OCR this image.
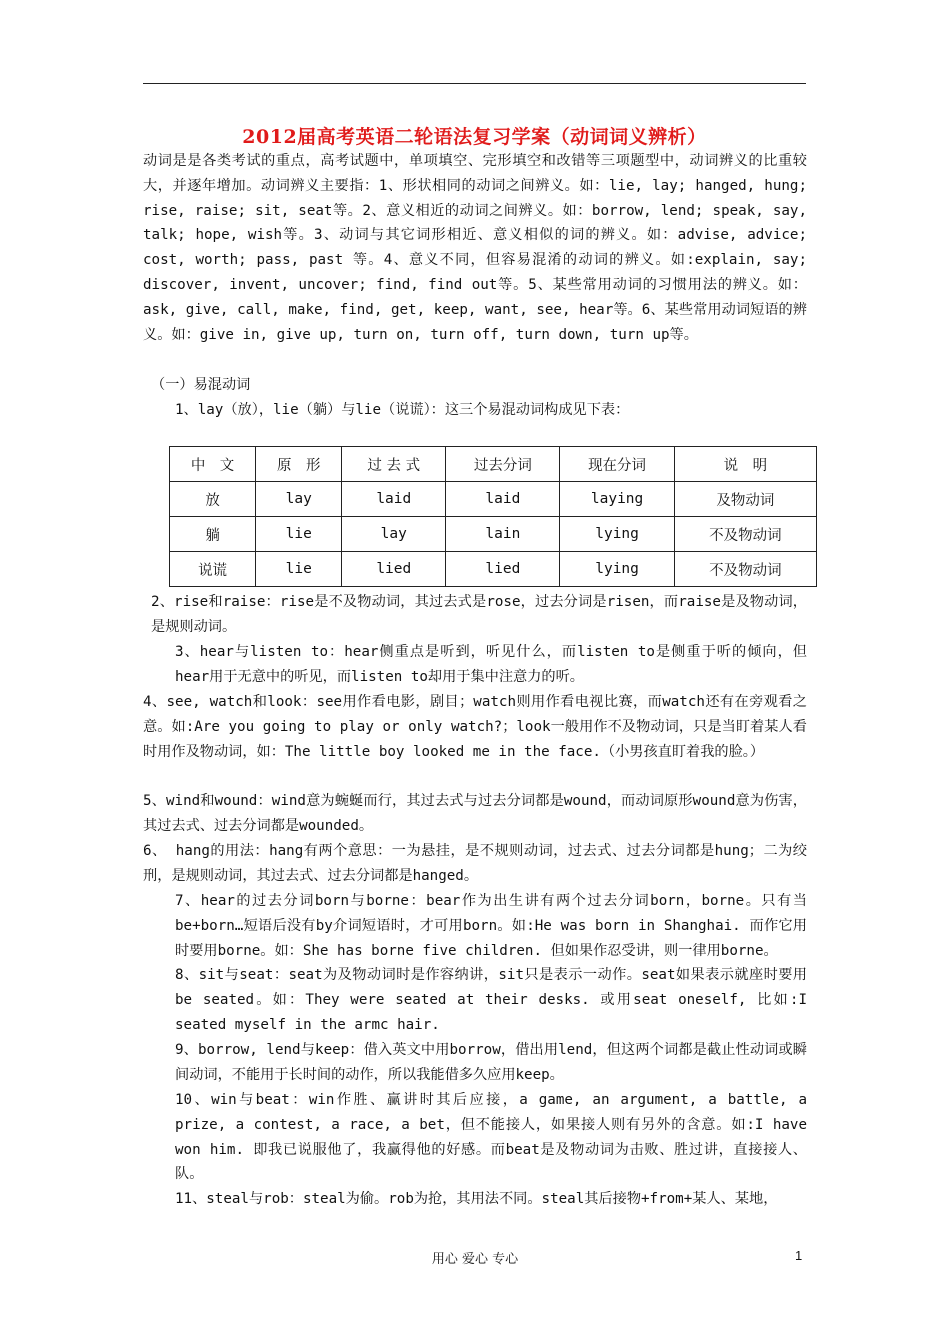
2012届高考英语二轮语法复习学案（动词词义辨析）
动词是是各类考试的重点，高考试题中，单项填空、完形填空和改错等三项题型中，动词辨义的比重较大，并逐年增加。动词辨义主要指：1、形状相同的动词之间辨义。如：lie, lay; hanged, hung; rise, raise; sit, seat等。2、意义相近的动词之间辨义。如：borrow, lend; speak, say, talk; hope, wish等。3、动词与其它词形相近、意义相似的词的辨义。如：advise, advice; cost, worth; pass, past 等。4、意义不同，但容易混淆的动词的辨义。如:explain, say; discover, invent, uncover; find, find out等。5、某些常用动词的习惯用法的辨义。如：ask, give, call, make, find, get, keep, want, see, hear等。6、某些常用动词短语的辨义。如：give in, give up, turn on, turn off, turn down, turn up等。
（一）易混动词
1、lay（放），lie（躺）与lie（说谎）：这三个易混动词构成见下表：
中　文	原　形	过 去 式	过去分词	现在分词	说　明
放	lay	laid	laid	laying	及物动词
躺	lie	lay	lain	lying	不及物动词
说谎	lie	lied	lied	lying	不及物动词
2、rise和raise：rise是不及物动词，其过去式是rose，过去分词是risen，而raise是及物动词，是规则动词。
3、hear与listen to：hear侧重点是听到，听见什么，而listen to是侧重于听的倾向，但hear用于无意中的听见，而listen to却用于集中注意力的听。
4、see, watch和look：see用作看电影，剧目；watch则用作看电视比赛，而watch还有在旁观看之意。如:Are you going to play or only watch?；look一般用作不及物动词，只是当盯着某人看时用作及物动词，如：The little boy looked me in the face.（小男孩直盯着我的脸。）
5、wind和wound：wind意为蜿蜒而行，其过去式与过去分词都是wound，而动词原形wound意为伤害，其过去式、过去分词都是wounded。
6、 hang的用法：hang有两个意思：一为悬挂，是不规则动词，过去式、过去分词都是hung；二为绞刑，是规则动词，其过去式、过去分词都是hanged。
7、hear的过去分词born与borne：bear作为出生讲有两个过去分词born，borne。只有当be+born…短语后没有by介词短语时，才可用born。如:He was born in Shanghai. 而作它用时要用borne。如：She has borne five children. 但如果作忍受讲，则一律用borne。
8、sit与seat：seat为及物动词时是作容纳讲，sit只是表示一动作。seat如果表示就座时要用be seated。如：They were seated at their desks. 或用seat oneself, 比如:I seated myself in the armc hair.
9、borrow, lend与keep：借入英文中用borrow，借出用lend，但这两个词都是截止性动词或瞬间动词，不能用于长时间的动作，所以我能借多久应用keep。
10、win与beat：win作胜、赢讲时其后应接，a game, an argument, a battle, a prize, a contest, a race, a bet，但不能接人，如果接人则有另外的含意。如:I have won him. 即我已说服他了，我赢得他的好感。而beat是及物动词为击败、胜过讲，直接接人、队。
11、steal与rob：steal为偷。rob为抢，其用法不同。steal其后接物+from+某人、某地，
用心 爱心 专心	1
